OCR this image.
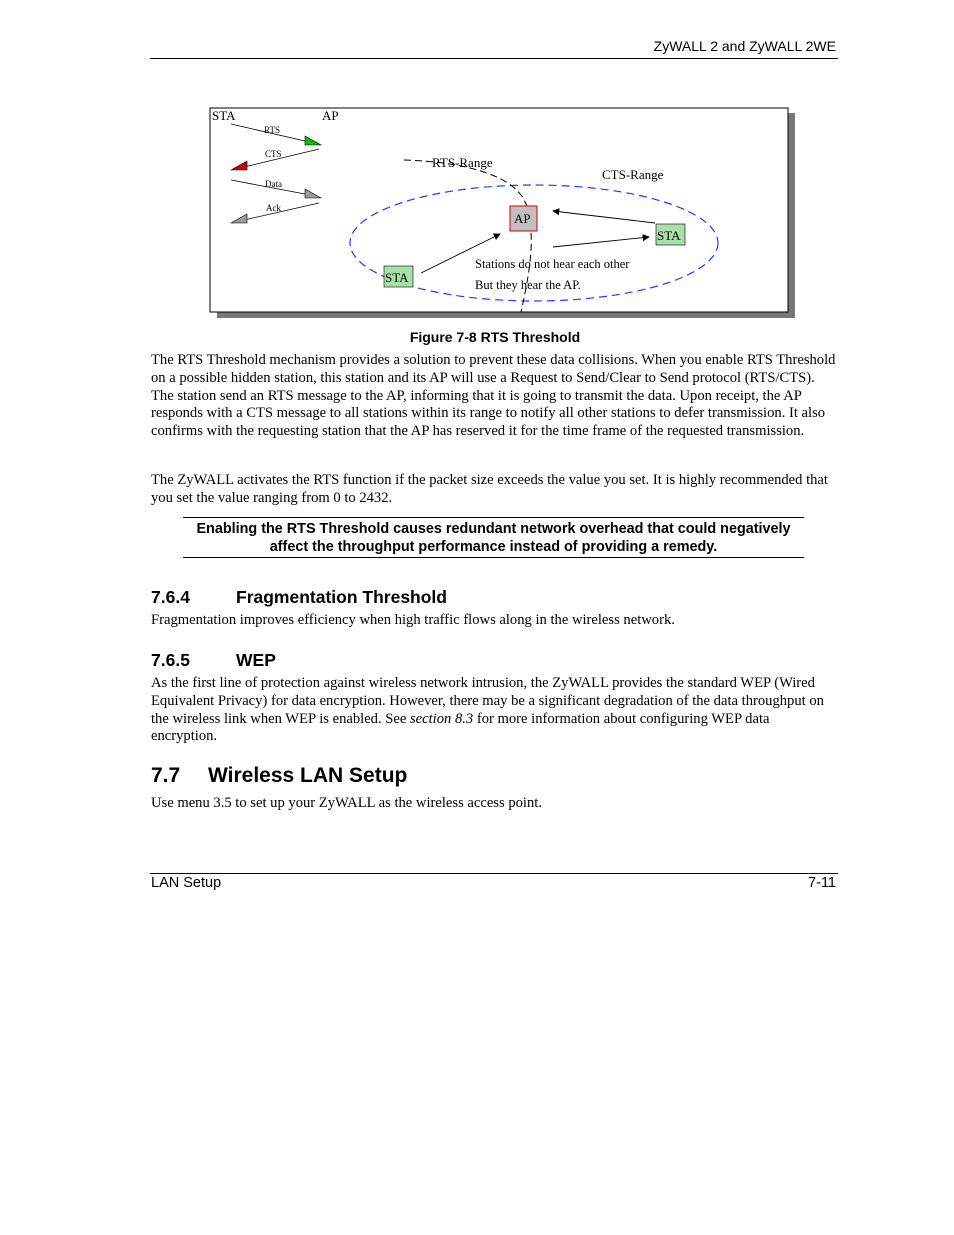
ZyWALL 2 and ZyWALL 2WE
STA	AP
RTS
CTS
Data
Ack
RTS-Range
CTS-Range
AP
STA
STA
Stations do not hear each other
But they hear the AP.
Figure 7-8 RTS Threshold

The RTS Threshold mechanism provides a solution to prevent these data collisions. When you enable RTS Threshold on a possible hidden station, this station and its AP will use a Request to Send/Clear to Send protocol (RTS/CTS). The station send an RTS message to the AP, informing that it is going to transmit the data. Upon receipt, the AP responds with a CTS message to all stations within its range to notify all other stations to defer transmission. It also confirms with the requesting station that the AP has reserved it for the time frame of the requested transmission.

The ZyWALL activates the RTS function if the packet size exceeds the value you set. It is highly recommended that you set the value ranging from 0 to 2432.

Enabling the RTS Threshold causes redundant network overhead that could negatively affect the throughput performance instead of providing a remedy.
7.6.4	Fragmentation Threshold

Fragmentation improves efficiency when high traffic flows along in the wireless network.

7.6.5	WEP

As the first line of protection against wireless network intrusion, the ZyWALL provides the standard WEP (Wired Equivalent Privacy) for data encryption. However, there may be a significant degradation of the data throughput on the wireless link when WEP is enabled. See section 8.3 for more information about configuring WEP data encryption.

7.7 Wireless LAN Setup

Use menu 3.5 to set up your ZyWALL as the wireless access point.

LAN Setup	7-11
